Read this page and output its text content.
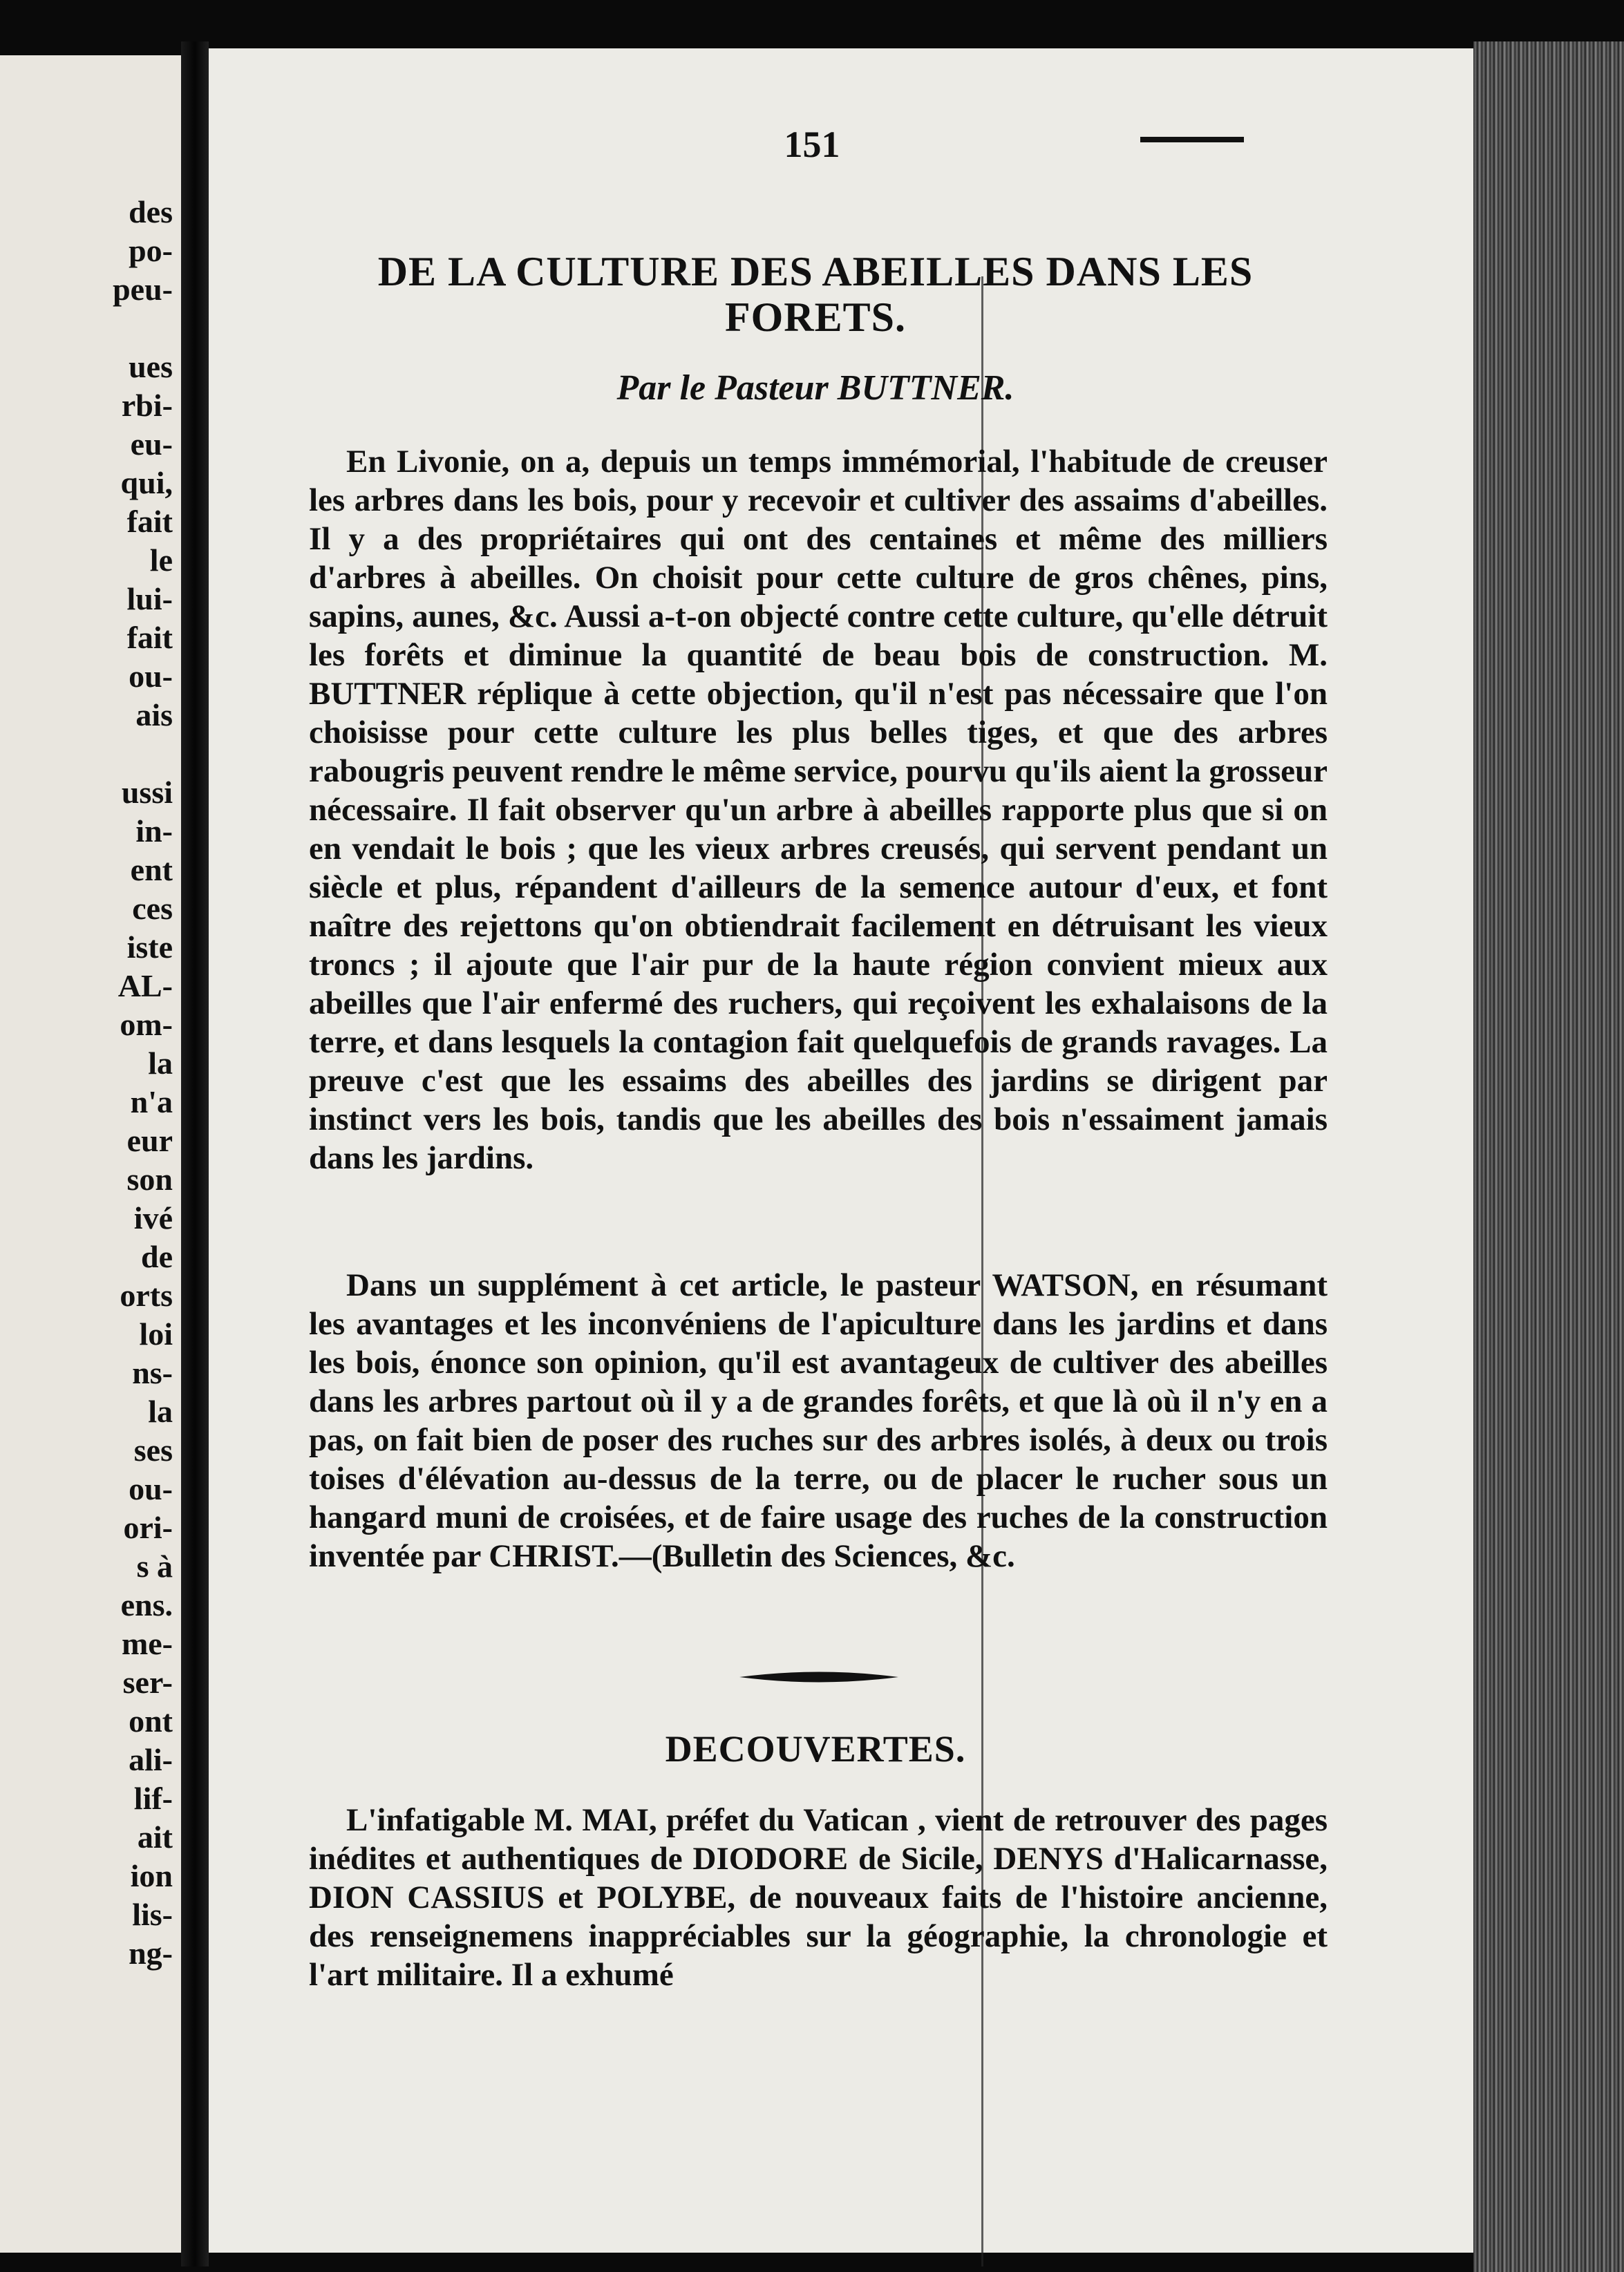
des
po-
peu-
ues
rbi-
eu-
qui,
fait
le
lui-
fait
ou-
ais
ussi
in-
ent
ces
iste
AL-
om-
la
n'a
eur
son
ivé
de
orts
loi
ns-
la
ses
ou-
ori-
s à
ens.
me-
ser-
ont
ali-
lif-
ait
ion
lis-
ng-
151
DE LA CULTURE DES ABEILLES DANS LES FORETS.
Par le Pasteur BUTTNER.

En Livonie, on a, depuis un temps immémorial, l'habitude de creuser les arbres dans les bois, pour y recevoir et cultiver des assaims d'abeilles. Il y a des propriétaires qui ont des centaines et même des milliers d'arbres à abeilles. On choisit pour cette culture de gros chênes, pins, sapins, aunes, &c. Aussi a-t-on objecté contre cette culture, qu'elle détruit les forêts et diminue la quantité de beau bois de construction. M. BUTTNER réplique à cette objection, qu'il n'est pas nécessaire que l'on choisisse pour cette culture les plus belles tiges, et que des arbres rabougris peuvent rendre le même service, pourvu qu'ils aient la grosseur nécessaire. Il fait observer qu'un arbre à abeilles rapporte plus que si on en vendait le bois ; que les vieux arbres creusés, qui servent pendant un siècle et plus, répandent d'ailleurs de la semence autour d'eux, et font naître des rejettons qu'on obtiendrait facilement en détruisant les vieux troncs ; il ajoute que l'air pur de la haute région convient mieux aux abeilles que l'air enfermé des ruchers, qui reçoivent les exhalaisons de la terre, et dans lesquels la contagion fait quelquefois de grands ravages. La preuve c'est que les essaims des abeilles des jardins se dirigent par instinct vers les bois, tandis que les abeilles des bois n'essaiment jamais dans les jardins.

Dans un supplément à cet article, le pasteur WATSON, en résumant les avantages et les inconvéniens de l'apiculture dans les jardins et dans les bois, énonce son opinion, qu'il est avantageux de cultiver des abeilles dans les arbres partout où il y a de grandes forêts, et que là où il n'y en a pas, on fait bien de poser des ruches sur des arbres isolés, à deux ou trois toises d'élévation au-dessus de la terre, ou de placer le rucher sous un hangard muni de croisées, et de faire usage des ruches de la construction inventée par CHRIST.—(Bulletin des Sciences, &c.

DECOUVERTES.

L'infatigable M. MAI, préfet du Vatican , vient de retrouver des pages inédites et authentiques de DIODORE de Sicile, DENYS d'Halicarnasse, DION CASSIUS et POLYBE, de nouveaux faits de l'histoire ancienne, des renseignemens inappréciables sur la géographie, la chronologie et l'art militaire. Il a exhumé
